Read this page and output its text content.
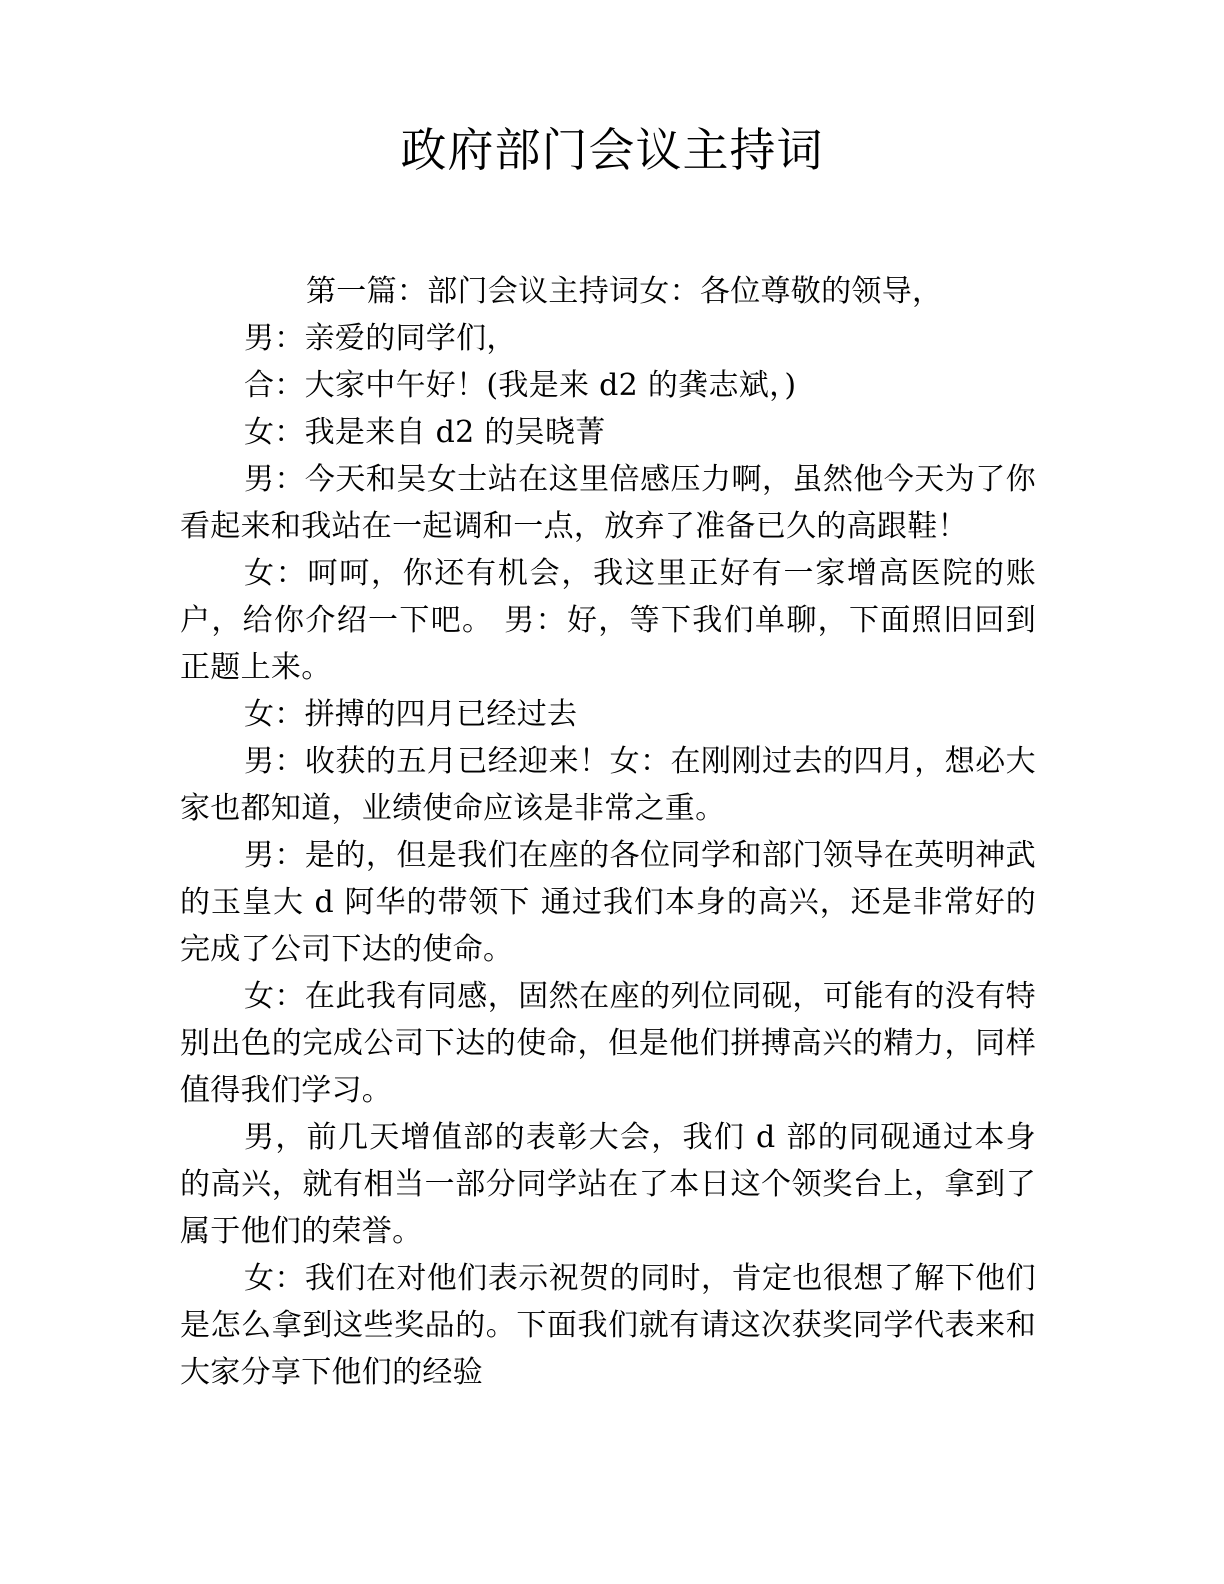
政府部门会议主持词

第一篇：部门会议主持词女：各位尊敬的领导，

男：亲爱的同学们，

合：大家中午好！(我是来 d2 的龚志斌，)

女：我是来自 d2 的吴晓菁

男：今天和吴女士站在这里倍感压力啊，虽然他今天为了你看起来和我站在一起调和一点，放弃了准备已久的高跟鞋！

女：呵呵，你还有机会，我这里正好有一家增高医院的账户，给你介绍一下吧。 男：好，等下我们单聊，下面照旧回到正题上来。

女：拼搏的四月已经过去

男：收获的五月已经迎来！女：在刚刚过去的四月，想必大家也都知道，业绩使命应该是非常之重。

男：是的，但是我们在座的各位同学和部门领导在英明神武的玉皇大 d 阿华的带领下 通过我们本身的高兴，还是非常好的完成了公司下达的使命。

女：在此我有同感，固然在座的列位同砚，可能有的没有特别出色的完成公司下达的使命，但是他们拼搏高兴的精力，同样值得我们学习。

男，前几天增值部的表彰大会，我们 d 部的同砚通过本身的高兴，就有相当一部分同学站在了本日这个领奖台上，拿到了属于他们的荣誉。

女：我们在对他们表示祝贺的同时，肯定也很想了解下他们是怎么拿到这些奖品的。下面我们就有请这次获奖同学代表来和大家分享下他们的经验
